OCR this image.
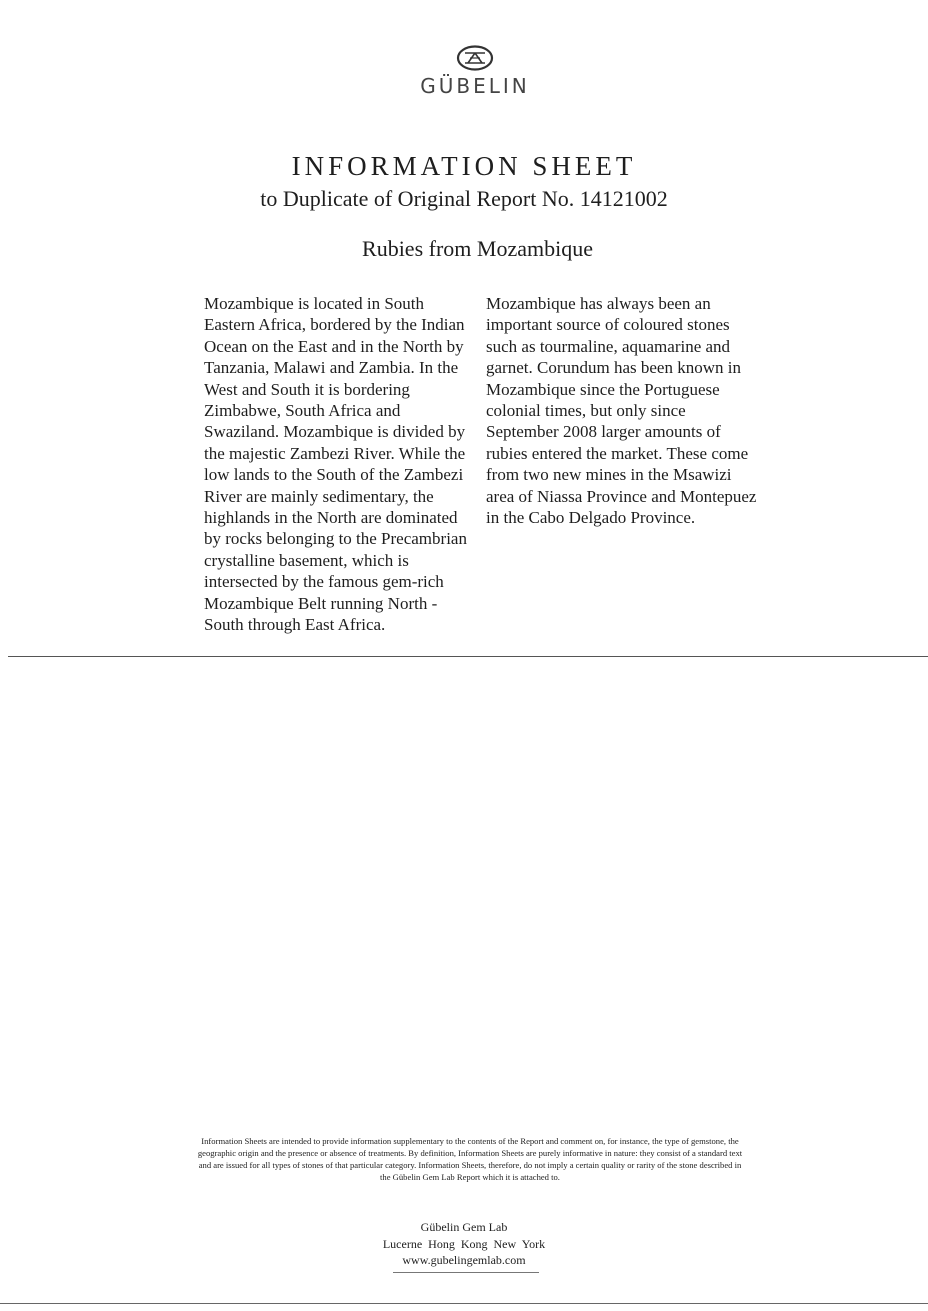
GÜBELIN
INFORMATION SHEET
to Duplicate of Original Report No. 14121002
Rubies from Mozambique

Mozambique is located in South Eastern Africa, bordered by the Indian Ocean on the East and in the North by Tanzania, Malawi and Zambia. In the West and South it is bordering Zimbabwe, South Africa and Swaziland. Mozambique is divided by the majestic Zambezi River. While the low lands to the South of the Zambezi River are mainly sedimentary, the highlands in the North are dominated by rocks belonging to the Precambrian crystalline basement, which is intersected by the famous gem-rich Mozambique Belt running North - South through East Africa.

Mozambique has always been an important source of coloured stones such as tourmaline, aquamarine and garnet. Corundum has been known in Mozambique since the Portuguese colonial times, but only since September 2008 larger amounts of rubies entered the market. These come from two new mines in the Msawizi area of Niassa Province and Montepuez in the Cabo Delgado Province.

Information Sheets are intended to provide information supplementary to the contents of the Report and comment on, for instance, the type of gemstone, the geographic origin and the presence or absence of treatments. By definition, Information Sheets are purely informative in nature: they consist of a standard text and are issued for all types of stones of that particular category. Information Sheets, therefore, do not imply a certain quality or rarity of the stone described in the Gübelin Gem Lab Report which it is attached to.

Gübelin Gem Lab
Lucerne Hong Kong New York
www.gubelingemlab.com
